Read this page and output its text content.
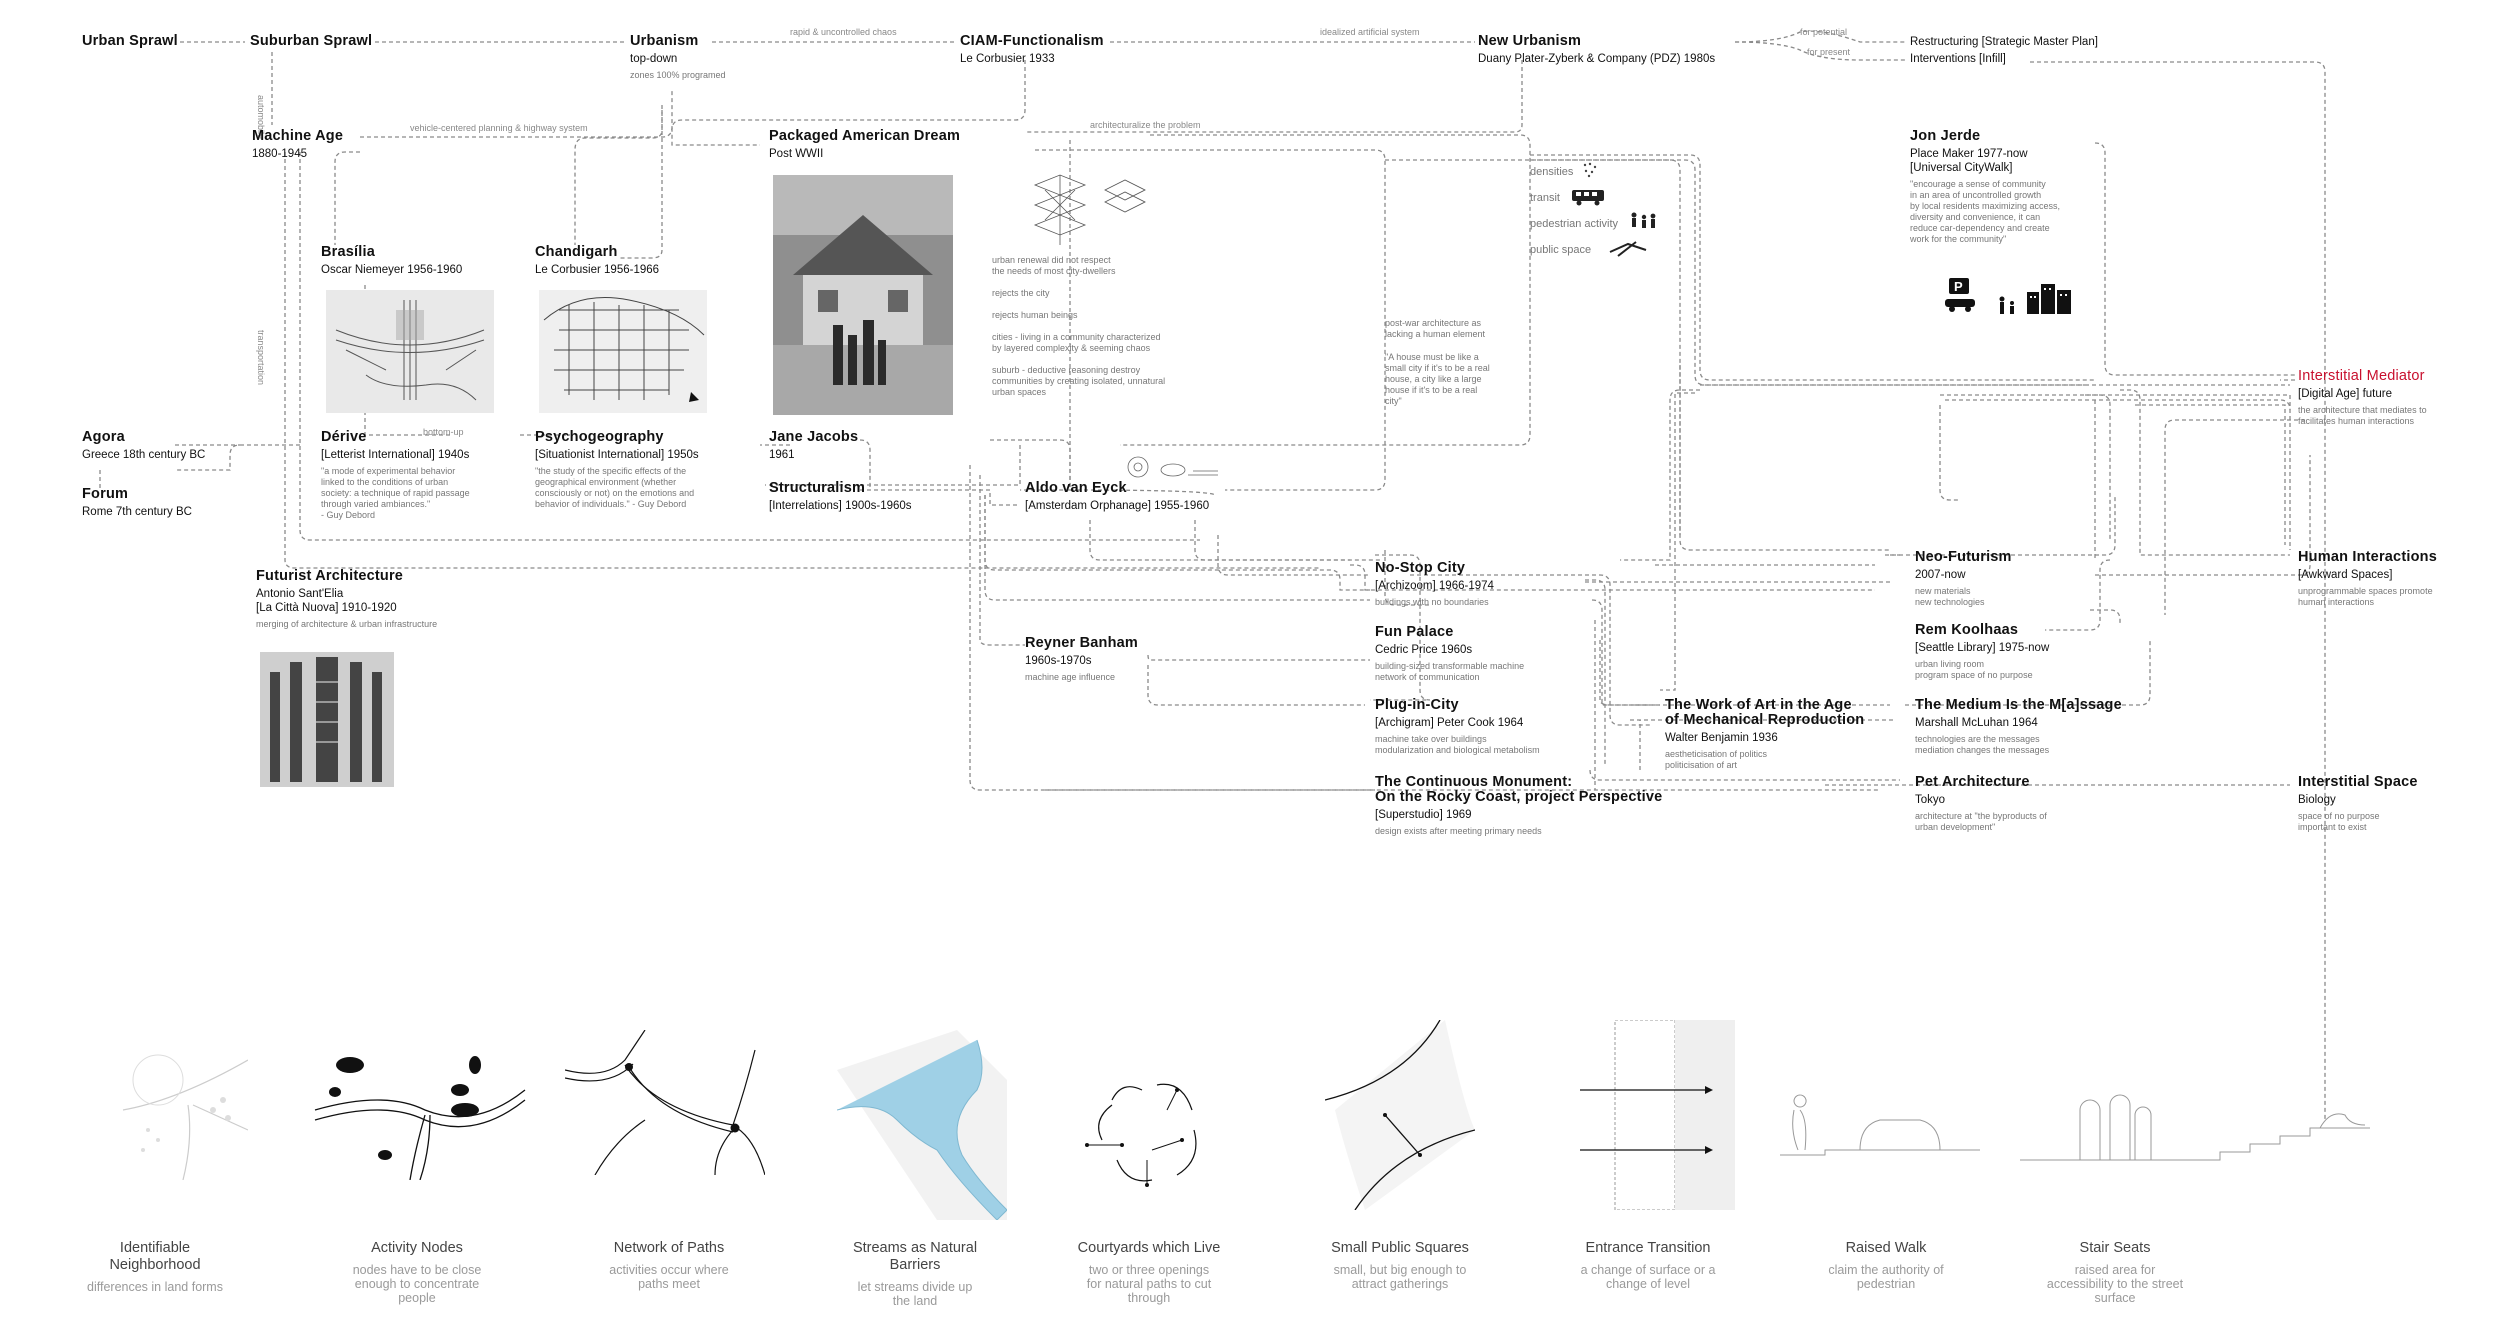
rapid & uncontrolled chaos	idealized artificial system	for potential
for present
automobile	vehicle-centered planning & highway system	architecturalize the problem
transportation
bottom-up
post-war architecture as
lacking a human element
"A house must be like a
small city if it's to be a real
house, a city like a large
house if it's to be a real
city"
Urban Sprawl	Suburban Sprawl	Urbanism
top-down
zones 100% programed
CIAM-Functionalism
Le Corbusier 1933
New Urbanism
Duany Plater-Zyberk & Company (PDZ) 1980s
Restructuring [Strategic Master Plan]
Interventions [Infill]
Machine Age
1880-1945
Packaged American Dream
Post WWII
Jon Jerde
Place Maker 1977-now
[Universal CityWalk]
"encourage a sense of community
in an area of uncontrolled growth
by local residents maximizing access,
diversity and convenience, it can
reduce car-dependency and create
work for the community"
Brasília
Oscar Niemeyer 1956-1960
Chandigarh
Le Corbusier 1956-1966
Interstitial Mediator
[Digital Age] future
the architecture that mediates to
facilitates human interactions
Agora
Greece 18th century BC
Dérive
[Letterist International] 1940s
"a mode of experimental behavior
linked to the conditions of urban
society: a technique of rapid passage
through varied ambiances."
- Guy Debord
Psychogeography
[Situationist International] 1950s
"the study of the specific effects of the
geographical environment (whether
consciously or not) on the emotions and
behavior of individuals." - Guy Debord
Jane Jacobs
1961
Forum
Rome 7th century BC
Structuralism
[Interrelations] 1900s-1960s
Aldo van Eyck
[Amsterdam Orphanage] 1955-1960
Futurist Architecture
Antonio Sant'Elia
[La Città Nuova] 1910-1920
merging of architecture & urban infrastructure
No-Stop City
[Archizoom] 1966-1974
buildings with no boundaries
Neo-Futurism
2007-now
new materials
new technologies
Human Interactions
[Awkward Spaces]
unprogrammable spaces promote
human interactions
Fun Palace
Cedric Price 1960s
building-sized transformable machine
network of communication
Rem Koolhaas
[Seattle Library] 1975-now
urban living room
program space of no purpose
Reyner Banham
1960s-1970s
machine age influence
Plug-in-City
[Archigram] Peter Cook 1964
machine take over buildings
modularization and biological metabolism
The Work of Art in the Age
of Mechanical Reproduction
Walter Benjamin 1936
aestheticisation of politics
politicisation of art
The Medium Is the M[a]ssage
Marshall McLuhan 1964
technologies are the messages
mediation changes the messages
The Continuous Monument:
On the Rocky Coast, project Perspective
[Superstudio] 1969
design exists after meeting primary needs
Pet Architecture
Tokyo
architecture at "the byproducts of
urban development"
Interstitial Space
Biology
space of no purpose
important to exist
urban renewal did not respect
the needs of most city-dwellers

rejects the city

rejects human beings

cities - living in a community characterized
by layered complexity & seeming chaos

suburb - deductive reasoning destroy
communities by creating isolated, unnatural
urban spaces
densities
transit
pedestrian activity
public space
P
Identifiable
Neighborhood
differences in land forms
Activity Nodes
nodes have to be close
enough to concentrate
people
Network of Paths
activities occur where
paths meet
Streams as Natural
Barriers
let streams divide up
the land
Courtyards which Live
two or three openings
for natural paths to cut
through
Small Public Squares
small, but big enough to
attract gatherings
Entrance Transition
a change of surface or a
change of level
Raised Walk
claim the authority of
pedestrian
Stair Seats
raised area for
accessibility to the street
surface
